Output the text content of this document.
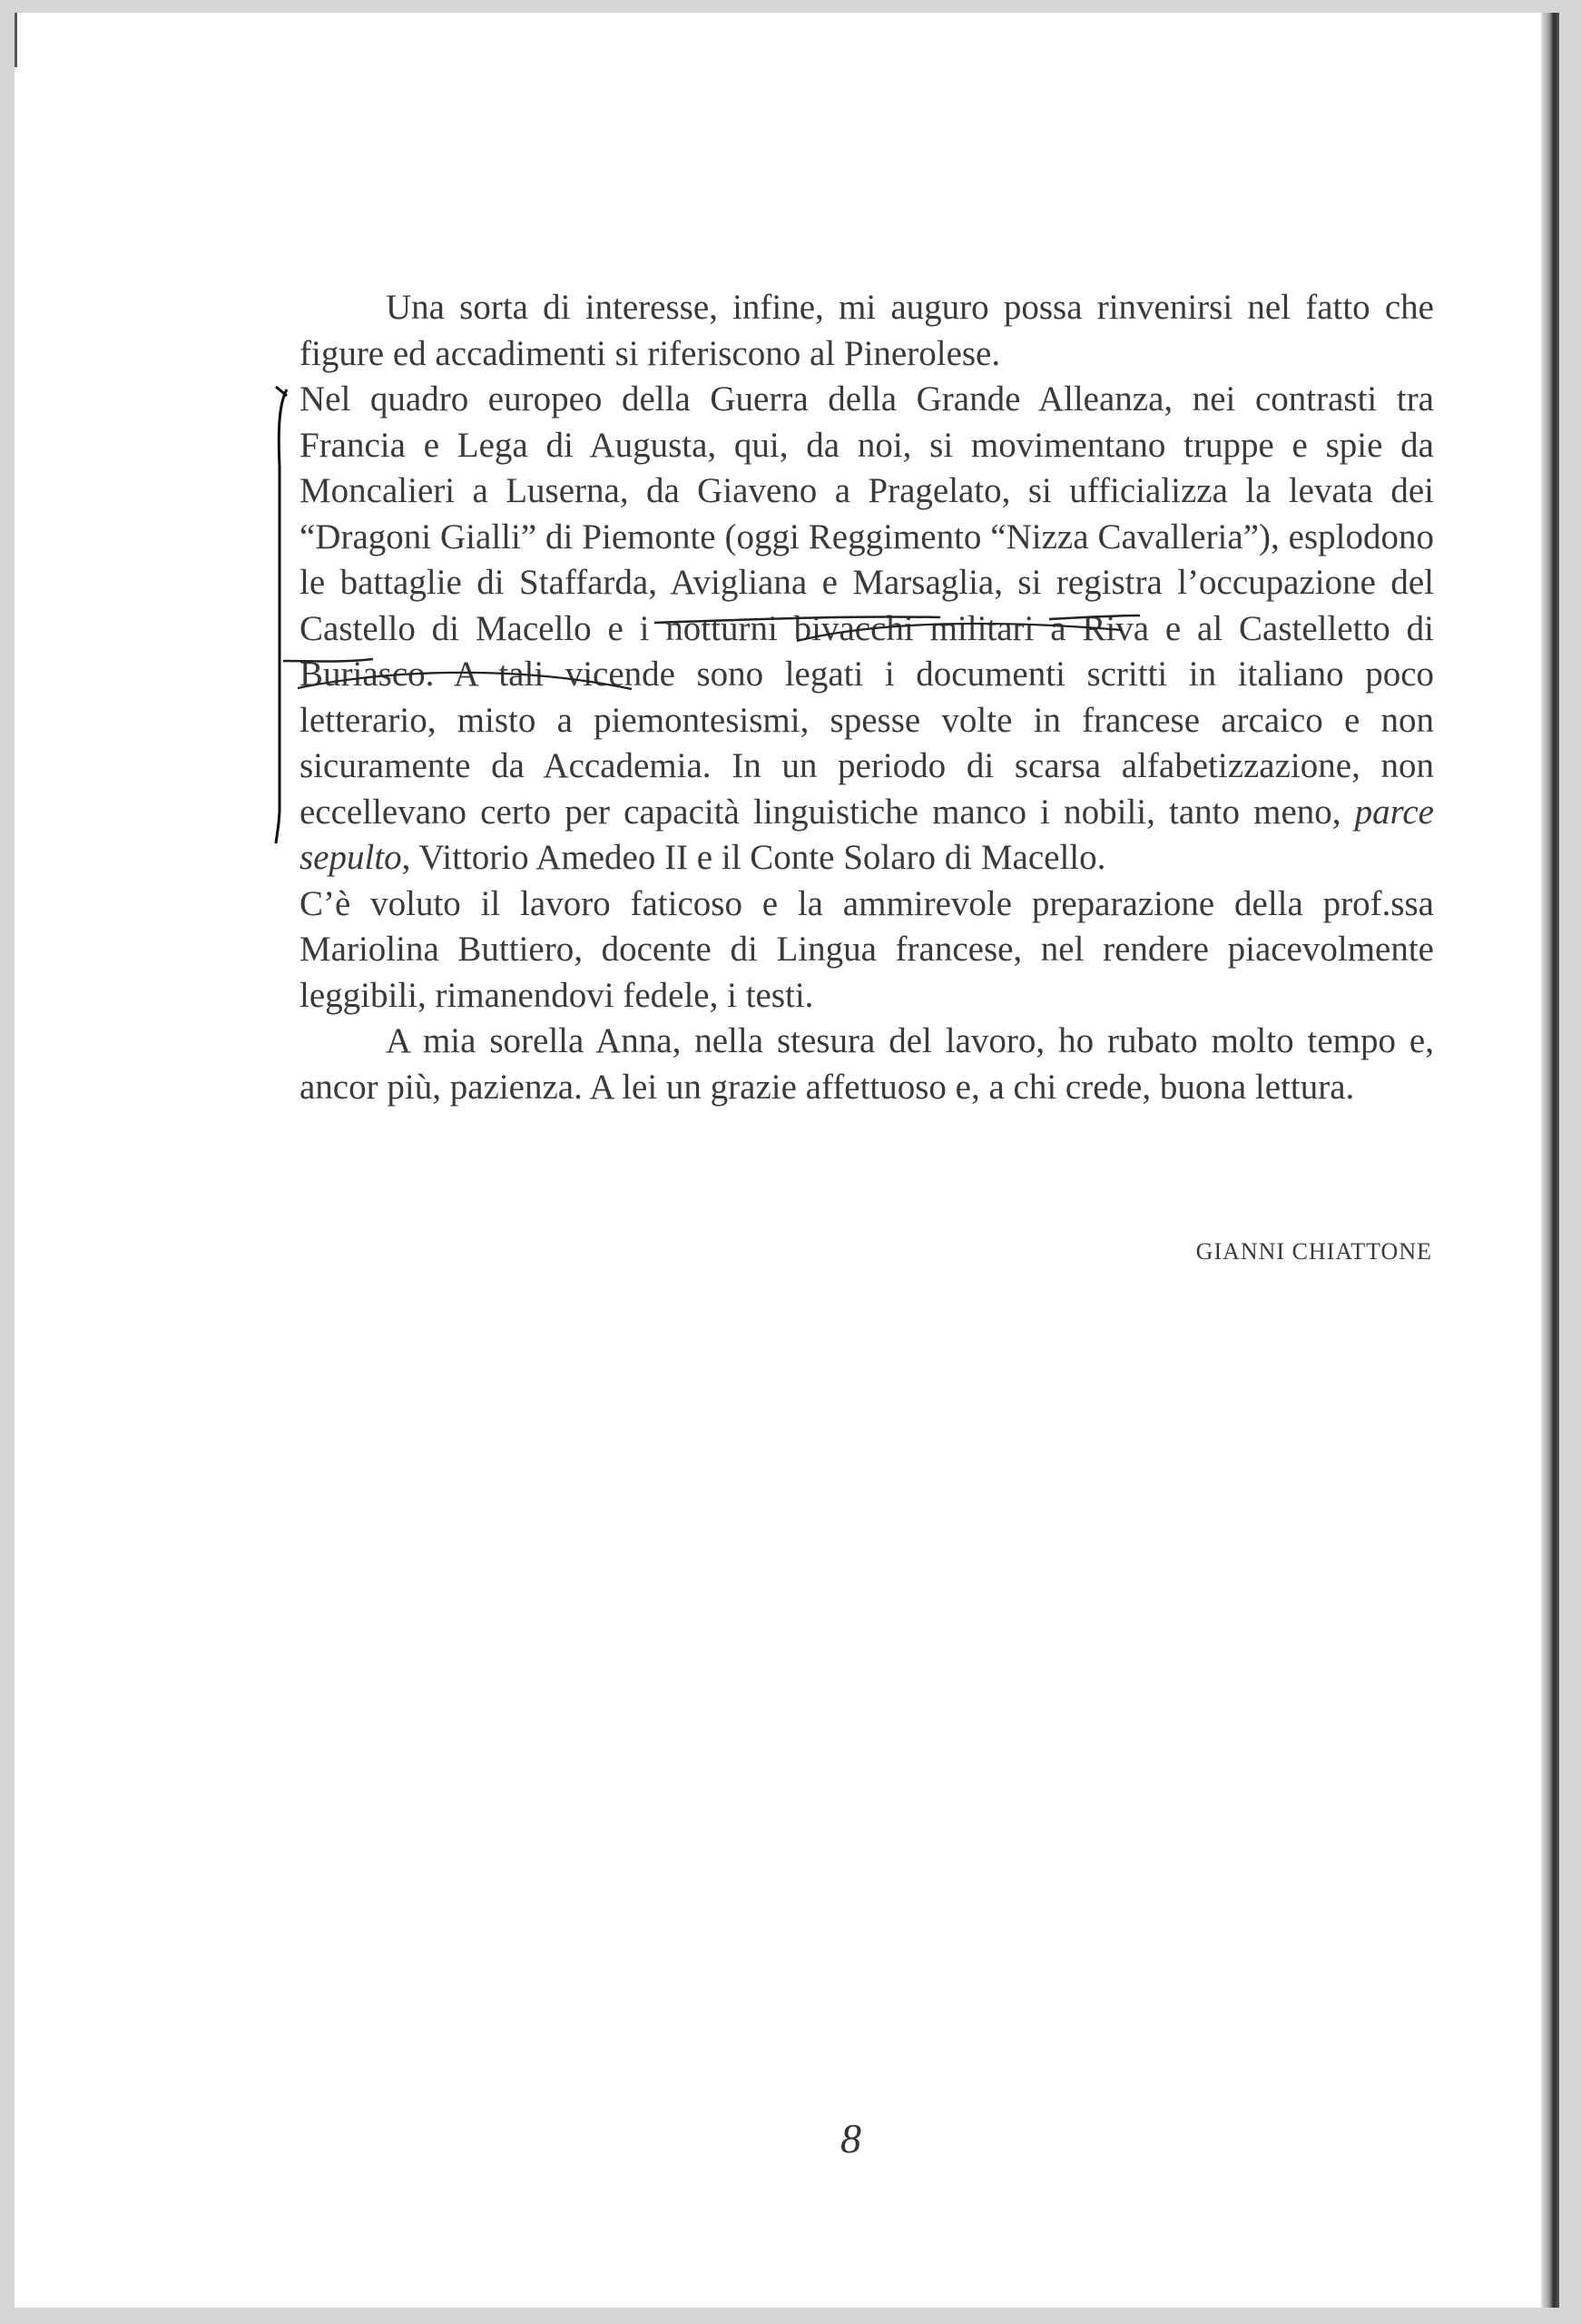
Una sorta di interesse, infine, mi auguro possa rinvenirsi nel fatto che figure ed accadimenti si riferiscono al Pinerolese.

Nel quadro europeo della Guerra della Grande Alleanza, nei contrasti tra Francia e Lega di Augusta, qui, da noi, si movimentano truppe e spie da Moncalieri a Luserna, da Giaveno a Pragelato, si ufficializza la levata dei “Dragoni Gialli” di Piemonte (oggi Reggimento “Nizza Cavalleria”), esplodono le battaglie di Staffarda, Avigliana e Marsaglia, si registra l’occupazione del Castello di Macello e i notturni bivacchi militari a Riva e al Castelletto di Buriasco. A tali vicende sono legati i documenti scritti in italiano poco letterario, misto a piemontesismi, spesse volte in francese arcaico e non sicuramente da Accademia. In un periodo di scarsa alfabetizzazione, non eccellevano certo per capacità linguistiche manco i nobili, tanto meno, parce sepulto, Vittorio Amedeo II e il Conte Solaro di Macello.

C’è voluto il lavoro faticoso e la ammirevole preparazione della prof.ssa Mariolina Buttiero, docente di Lingua francese, nel rendere piacevolmente leggibili, rimanendovi fedele, i testi.

A mia sorella Anna, nella stesura del lavoro, ho rubato molto tempo e, ancor più, pazienza. A lei un grazie affettuoso e, a chi crede, buona lettura.

GIANNI CHIATTONE
8
